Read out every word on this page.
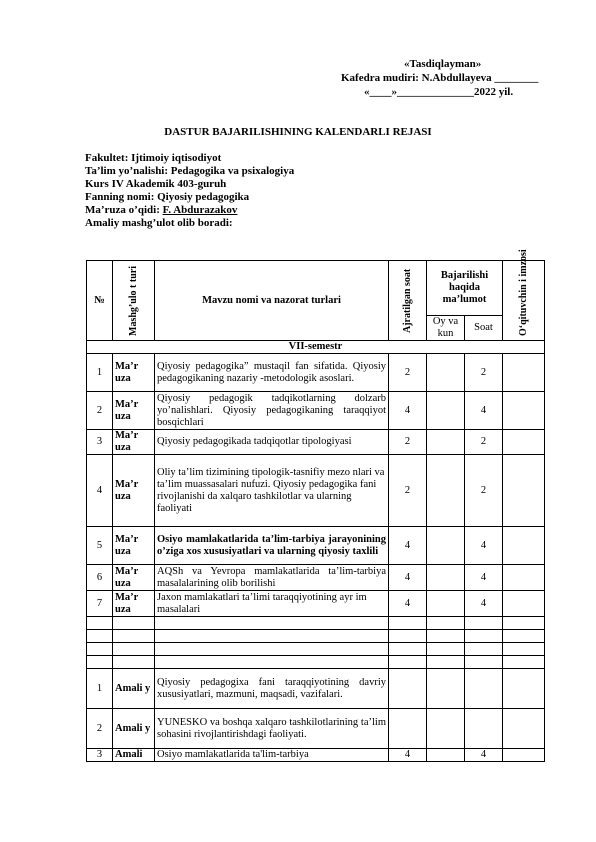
«Tasdiqlayman»
Kafedra mudiri: N.Abdullayeva ________
«____»______________2022 yil.
DASTUR BAJARILISHINING KALENDARLI REJASI
Fakultet: Ijtimoiy iqtisodiyot
Ta’lim yo’nalishi: Pedagogika va psixalogiya
Kurs IV Akademik 403-guruh
Fanning nomi: Qiyosiy pedagogika
Ma’ruza o’qidi: F. Abdurazakov
Amaliy mashg’ulot olib boradi:
№	Mashg’ulo t turi	Mavzu nomi va nazorat turlari	Ajratilgan soat	Bajarilishi haqida ma’lumot		O‘qituvchin i imzosi

				Oy va kun	Soat	
VII-semestr						
1	Ma’r uza	Qiyosiy pedagogika” mustaqil fan sifatida. Qiyosiy pedagogikaning nazariy -metodologik asoslari.	2		2	
2	Ma’r uza	Qiyosiy pedagogik tadqikotlarning dolzarb yo’nalishlari. Qiyosiy pedagogikaning taraqqiyot bosqichlari	4		4	
3	Ma’r uza	Qiyosiy pedagogikada tadqiqotlar tipologiyasi	2		2	
4	Ma’r uza	Oliy ta’lim tizimining tipologik-tasnifiy mezo nlari va ta’lim muassasalari nufuzi. Qiyosiy pedagogika fani rivojlanishi da xalqaro tashkilotlar va ularning faoliyati	2		2	
5	Ma’r uza	Osiyo mamlakatlarida ta’lim-tarbiya jarayonining o’ziga xos xususiyatlari va ularning qiyosiy taxlili	4		4	
6	Ma’r uza	AQSh va Yevropa mamlakatlarida ta’lim-tarbiya masalalarining olib borilishi	4		4	
7	Ma’r uza	Jaxon mamlakatlari ta’limi taraqqiyotining ayr im masalalari	4		4	

1	Amali y	Qiyosiy pedagogixa fani taraqqiyotining davriy xususiyatlari, mazmuni, maqsadi, vazifalari.				
2	Amali y	YUNESKO va boshqa xalqaro tashkilotlarining ta’lim sohasini rivojlantirishdagi faoliyati.				
3	Amali	Osiyo mamlakatlarida ta'lim-tarbiya	4		4	
